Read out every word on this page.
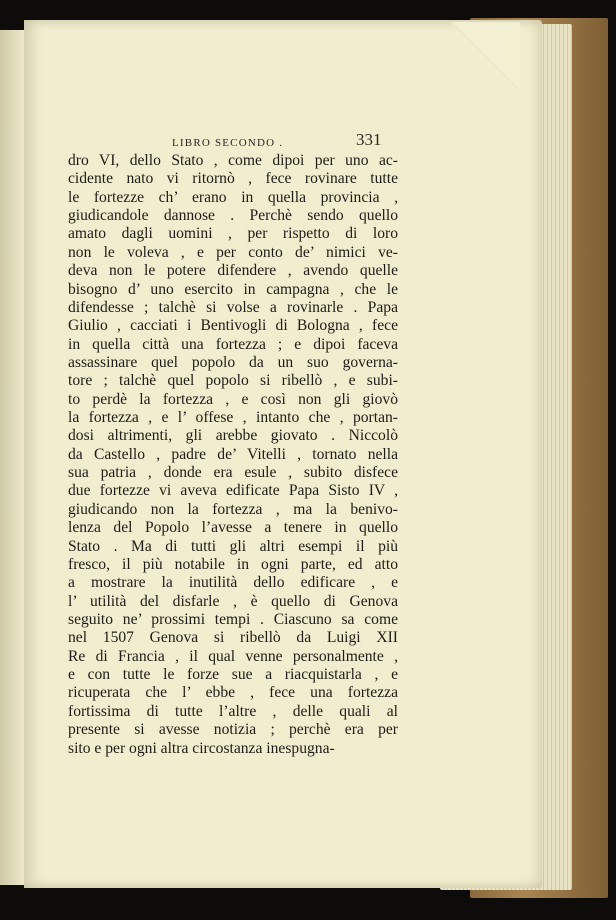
LIBRO SECONDO .	331
dro VI, dello Stato , come dipoi per uno ac-
cidente nato vi ritornò , fece rovinare tutte
le fortezze ch’ erano in quella provincia ,
giudicandole dannose . Perchè sendo quello
amato dagli uomini , per rispetto di loro
non le voleva , e per conto de’ nimici ve-
deva non le potere difendere , avendo quelle
bisogno d’ uno esercito in campagna , che le
difendesse ; talchè si volse a rovinarle . Papa
Giulio , cacciati i Bentivogli di Bologna , fece
in quella città una fortezza ; e dipoi faceva
assassinare quel popolo da un suo governa-
tore ; talchè quel popolo si ribellò , e subi-
to perdè la fortezza , e così non gli giovò
la fortezza , e l’ offese , intanto che , portan-
dosi altrimenti, gli arebbe giovato . Niccolò
da Castello , padre de’ Vitelli , tornato nella
sua patria , donde era esule , subito disfece
due fortezze vi aveva edificate Papa Sisto IV ,
giudicando non la fortezza , ma la benivo-
lenza del Popolo l’avesse a tenere in quello
Stato . Ma di tutti gli altri esempi il più
fresco, il più notabile in ogni parte, ed atto
a mostrare la inutilità dello edificare , e
l’ utilità del disfarle , è quello di Genova
seguito ne’ prossimi tempi . Ciascuno sa come
nel 1507 Genova si ribellò da Luigi XII
Re di Francia , il qual venne personalmente ,
e con tutte le forze sue a riacquistarla , e
ricuperata che l’ ebbe , fece una fortezza
fortissima di tutte l’altre , delle quali al
presente si avesse notizia ; perchè era per
sito e per ogni altra circostanza inespugna-
